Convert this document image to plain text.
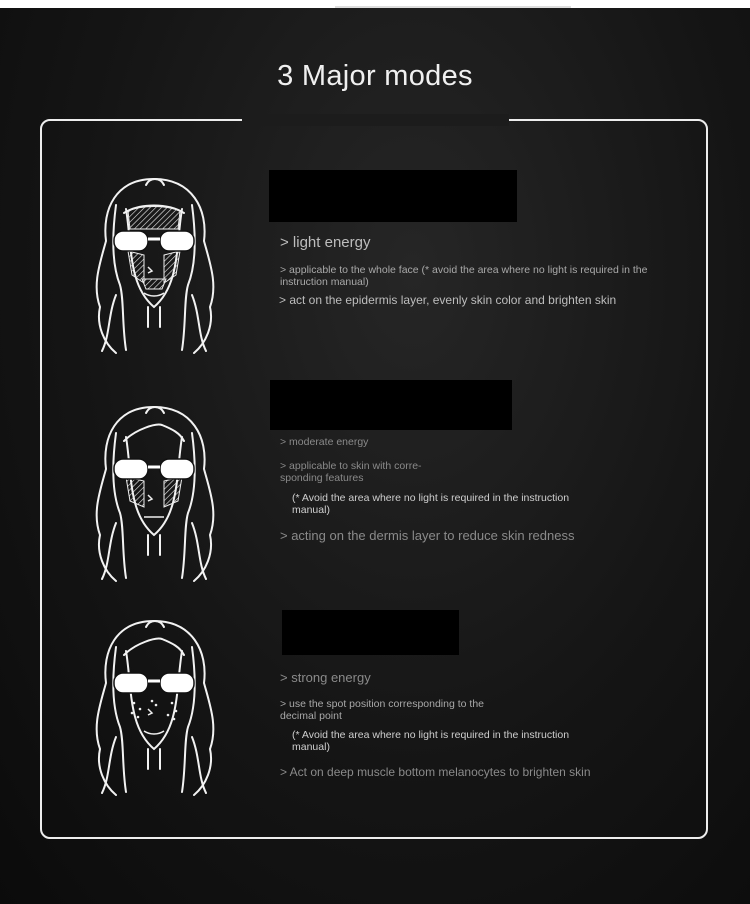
3 Major modes

> light energy

> applicable to the whole face (* avoid the area where no light is required in the instruction manual)

> act on the epidermis layer, evenly skin color and brighten skin

> moderate energy

> applicable to skin with corre-sponding features

(* Avoid the area where no light is required in the instruction manual)

> acting on the dermis layer to reduce skin redness

> strong energy

> use the spot position corresponding to the decimal point

(* Avoid the area where no light is required in the instruction manual)

> Act on deep muscle bottom melanocytes to brighten skin
